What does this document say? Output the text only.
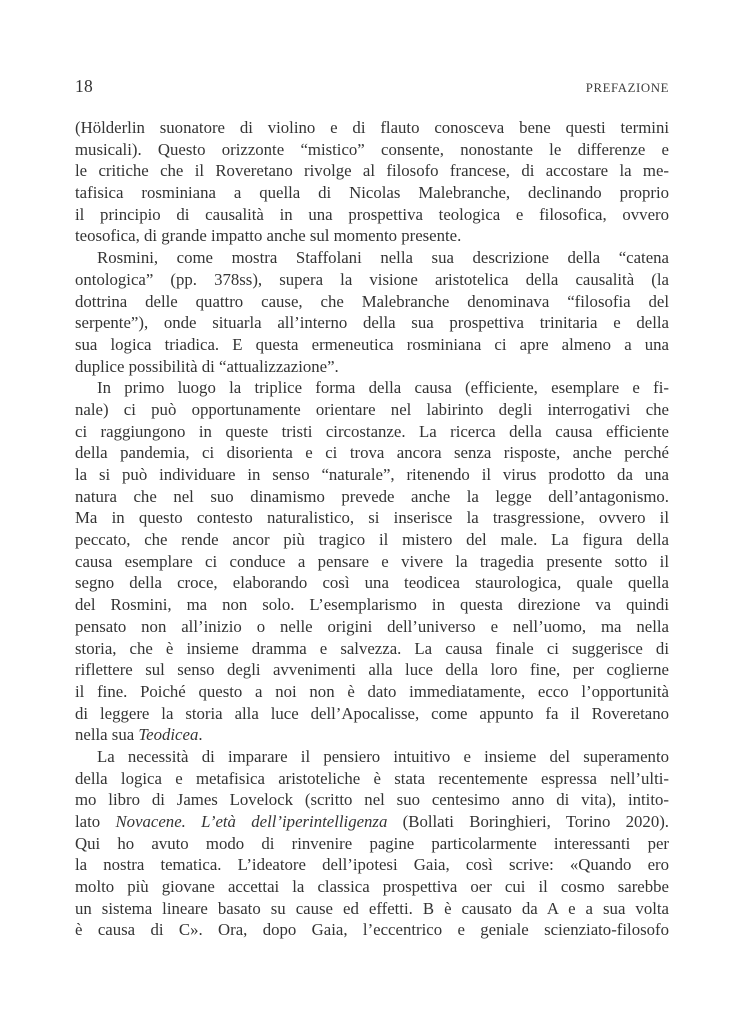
18	PREFAZIONE
(Hölderlin suonatore di violino e di flauto conosceva bene questi termini
musicali). Questo orizzonte “mistico” consente, nonostante le differenze e
le critiche che il Roveretano rivolge al filosofo francese, di accostare la me-
tafisica rosminiana a quella di Nicolas Malebranche, declinando proprio
il principio di causalità in una prospettiva teologica e filosofica, ovvero
teosofica, di grande impatto anche sul momento presente.
Rosmini, come mostra Staffolani nella sua descrizione della “catena
ontologica” (pp. 378ss), supera la visione aristotelica della causalità (la
dottrina delle quattro cause, che Malebranche denominava “filosofia del
serpente”), onde situarla all’interno della sua prospettiva trinitaria e della
sua logica triadica. E questa ermeneutica rosminiana ci apre almeno a una
duplice possibilità di “attualizzazione”.
In primo luogo la triplice forma della causa (efficiente, esemplare e fi-
nale) ci può opportunamente orientare nel labirinto degli interrogativi che
ci raggiungono in queste tristi circostanze. La ricerca della causa efficiente
della pandemia, ci disorienta e ci trova ancora senza risposte, anche perché
la si può individuare in senso “naturale”, ritenendo il virus prodotto da una
natura che nel suo dinamismo prevede anche la legge dell’antagonismo.
Ma in questo contesto naturalistico, si inserisce la trasgressione, ovvero il
peccato, che rende ancor più tragico il mistero del male. La figura della
causa esemplare ci conduce a pensare e vivere la tragedia presente sotto il
segno della croce, elaborando così una teodicea staurologica, quale quella
del Rosmini, ma non solo. L’esemplarismo in questa direzione va quindi
pensato non all’inizio o nelle origini dell’universo e nell’uomo, ma nella
storia, che è insieme dramma e salvezza. La causa finale ci suggerisce di
riflettere sul senso degli avvenimenti alla luce della loro fine, per coglierne
il fine. Poiché questo a noi non è dato immediatamente, ecco l’opportunità
di leggere la storia alla luce dell’Apocalisse, come appunto fa il Roveretano
nella sua Teodicea.
La necessità di imparare il pensiero intuitivo e insieme del superamento
della logica e metafisica aristoteliche è stata recentemente espressa nell’ulti-
mo libro di James Lovelock (scritto nel suo centesimo anno di vita), intito-
lato Novacene. L’età dell’iperintelligenza (Bollati Boringhieri, Torino 2020).
Qui ho avuto modo di rinvenire pagine particolarmente interessanti per
la nostra tematica. L’ideatore dell’ipotesi Gaia, così scrive: «Quando ero
molto più giovane accettai la classica prospettiva oer cui il cosmo sarebbe
un sistema lineare basato su cause ed effetti. B è causato da A e a sua volta
è causa di C». Ora, dopo Gaia, l’eccentrico e geniale scienziato-filosofo
